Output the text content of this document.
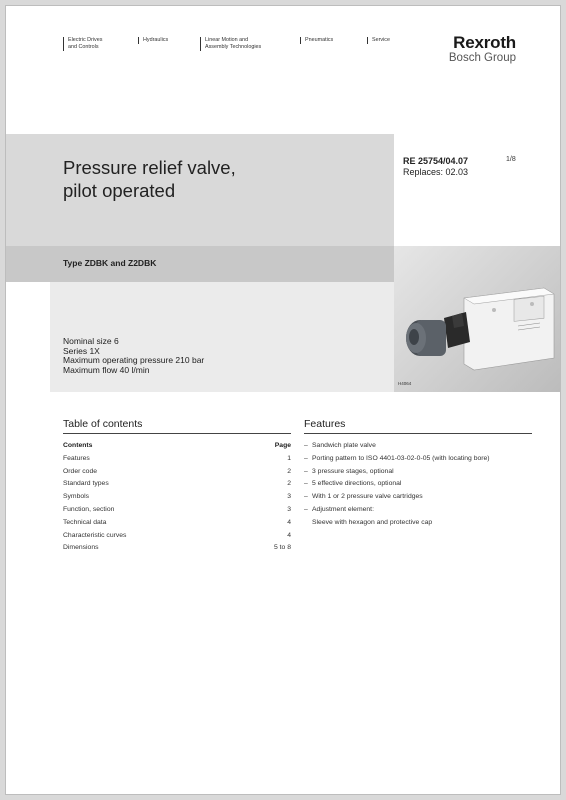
Electric Drives
and Controls
Hydraulics	Linear Motion and
Assembly Technologies
Pneumatics	Service	Rexroth
Bosch Group
Pressure relief valve,
pilot operated
RE 25754/04.07
Replaces: 02.03
1/8
Type ZDBK and Z2DBK
Nominal size 6
Series 1X
Maximum operating pressure 210 bar
Maximum flow 40 l/min
H4064
Table of contents
Contents	Page
Features	1
Order code	2
Standard types	2
Symbols	3
Function, section	3
Technical data	4
Characteristic curves	4
Dimensions	5 to 8
Features
– Sandwich plate valve
– Porting pattern to ISO 4401-03-02-0-05 (with locating bore)
– 3 pressure stages, optional
– 5 effective directions, optional
– With 1 or 2 pressure valve cartridges
– Adjustment element:
Sleeve with hexagon and protective cap
